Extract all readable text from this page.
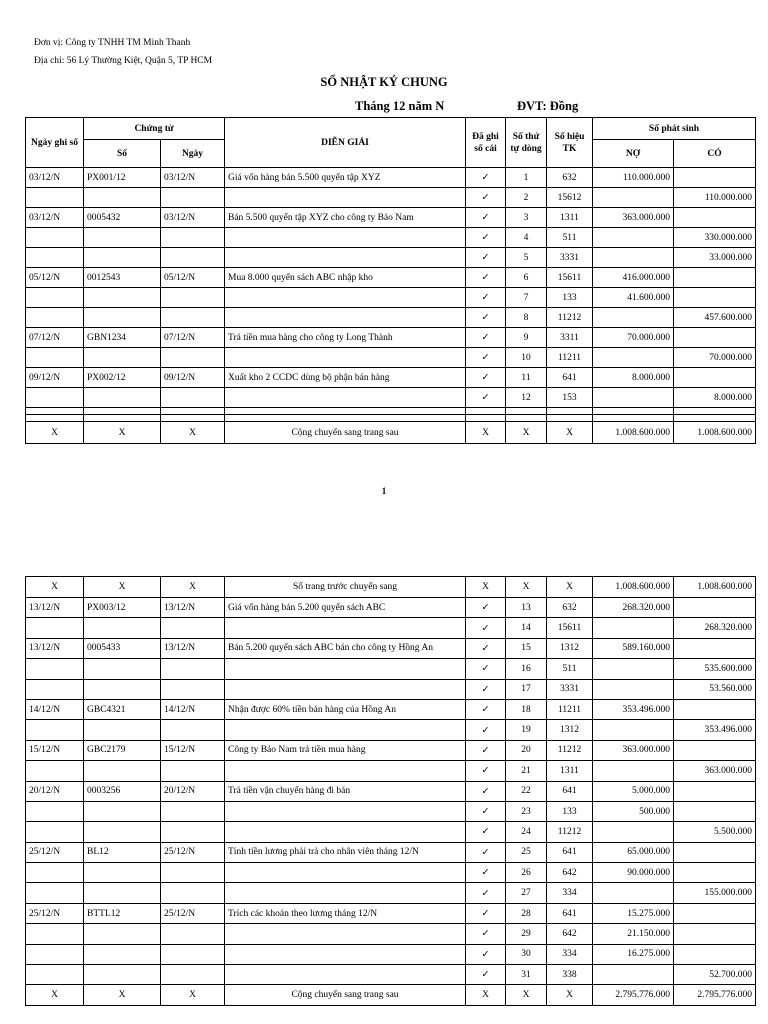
Đơn vị: Công ty TNHH TM Minh Thanh
Địa chỉ: 56 Lý Thường Kiệt, Quận 5, TP HCM
SỔ NHẬT KÝ CHUNG
Tháng 12 năm N	ĐVT: Đồng
Ngày ghi sổ	Chứng từ		DIỄN GIẢI	Đã ghi sổ cái	Số thứ tự dòng	Số hiệu TK	Số phát sinh	
	Số	Ngày					NỢ	CÓ
03/12/N	PX001/12	03/12/N	Giá vốn hàng bán 5.500 quyển tập XYZ	✓	1	632	110.000.000	
				✓	2	15612		110.000.000
03/12/N	0005432	03/12/N	Bán 5.500 quyển tập XYZ cho công ty Bảo Nam	✓	3	1311	363.000.000	
				✓	4	511		330.000.000
				✓	5	3331		33.000.000
05/12/N	0012543	05/12/N	Mua 8.000 quyển sách ABC nhập kho	✓	6	15611	416.000.000	
				✓	7	133	41.600.000	
				✓	8	11212		457.600.000
07/12/N	GBN1234	07/12/N	Trả tiền mua hàng cho công ty Long Thành	✓	9	3311	70.000.000	
				✓	10	11211		70.000.000
09/12/N	PX002/12	09/12/N	Xuất kho 2 CCDC dùng bộ phận bán hàng	✓	11	641	8.000.000	
				✓	12	153		8.000.000

X	X	X	Cộng chuyển sang trang sau	X	X	X	1.008.600.000	1.008.600.000
1
X	X	X	Số trang trước chuyển sang	X	X	X	1.008.600.000	1.008.600.000
13/12/N	PX003/12	13/12/N	Giá vốn hàng bán 5.200 quyển sách ABC	✓	13	632	268.320.000	
				✓	14	15611		268.320.000
13/12/N	0005433	13/12/N	Bán 5.200 quyển sách ABC bán cho công ty Hồng An	✓	15	1312	589.160.000	
				✓	16	511		535.600.000
				✓	17	3331		53.560.000
14/12/N	GBC4321	14/12/N	Nhận được 60% tiền bán hàng của Hồng An	✓	18	11211	353.496.000	
				✓	19	1312		353.496.000
15/12/N	GBC2179	15/12/N	Công ty Bảo Nam trả tiền mua hàng	✓	20	11212	363.000.000	
				✓	21	1311		363.000.000
20/12/N	0003256	20/12/N	Trả tiền vận chuyển hàng đi bán	✓	22	641	5.000.000	
				✓	23	133	500.000	
				✓	24	11212		5.500.000
25/12/N	BL12	25/12/N	Tính tiền lương phải trả cho nhân viên tháng 12/N	✓	25	641	65.000.000	
				✓	26	642	90.000.000	
				✓	27	334		155.000.000
25/12/N	BTTL12	25/12/N	Trích các khoản theo lương tháng 12/N	✓	28	641	15.275.000	
				✓	29	642	21.150.000	
				✓	30	334	16.275.000	
				✓	31	338		52.700.000
X	X	X	Cộng chuyển sang trang sau	X	X	X	2.795.776.000	2.795.776.000
